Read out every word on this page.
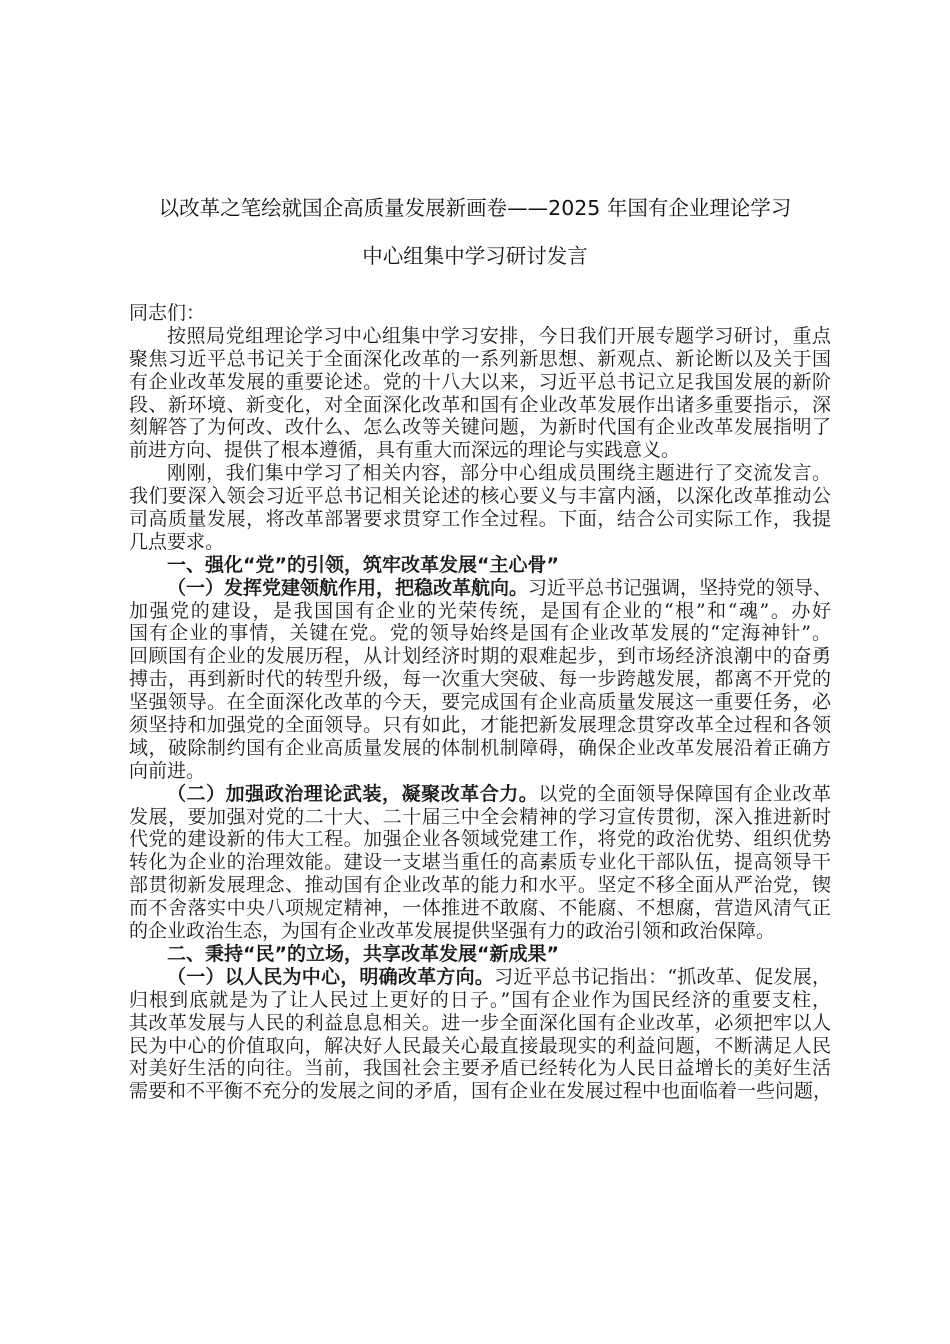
以改革之笔绘就国企高质量发展新画卷——2025 年国有企业理论学习
中心组集中学习研讨发言
同志们：
按照局党组理论学习中心组集中学习安排，今日我们开展专题学习研讨，重点
聚焦习近平总书记关于全面深化改革的一系列新思想、新观点、新论断以及关于国
有企业改革发展的重要论述。党的十八大以来，习近平总书记立足我国发展的新阶
段、新环境、新变化，对全面深化改革和国有企业改革发展作出诸多重要指示，深
刻解答了为何改、改什么、怎么改等关键问题，为新时代国有企业改革发展指明了
前进方向、提供了根本遵循，具有重大而深远的理论与实践意义。
刚刚，我们集中学习了相关内容，部分中心组成员围绕主题进行了交流发言。
我们要深入领会习近平总书记相关论述的核心要义与丰富内涵，以深化改革推动公
司高质量发展，将改革部署要求贯穿工作全过程。下面，结合公司实际工作，我提
几点要求。
一、强化“党”的引领，筑牢改革发展“主心骨”
（一）发挥党建领航作用，把稳改革航向。习近平总书记强调，坚持党的领导、
加强党的建设，是我国国有企业的光荣传统，是国有企业的“根”和“魂”。办好
国有企业的事情，关键在党。党的领导始终是国有企业改革发展的“定海神针”。
回顾国有企业的发展历程，从计划经济时期的艰难起步，到市场经济浪潮中的奋勇
搏击，再到新时代的转型升级，每一次重大突破、每一步跨越发展，都离不开党的
坚强领导。在全面深化改革的今天，要完成国有企业高质量发展这一重要任务，必
须坚持和加强党的全面领导。只有如此，才能把新发展理念贯穿改革全过程和各领
域，破除制约国有企业高质量发展的体制机制障碍，确保企业改革发展沿着正确方
向前进。
（二）加强政治理论武装，凝聚改革合力。以党的全面领导保障国有企业改革
发展，要加强对党的二十大、二十届三中全会精神的学习宣传贯彻，深入推进新时
代党的建设新的伟大工程。加强企业各领域党建工作，将党的政治优势、组织优势
转化为企业的治理效能。建设一支堪当重任的高素质专业化干部队伍，提高领导干
部贯彻新发展理念、推动国有企业改革的能力和水平。坚定不移全面从严治党，锲
而不舍落实中央八项规定精神，一体推进不敢腐、不能腐、不想腐，营造风清气正
的企业政治生态，为国有企业改革发展提供坚强有力的政治引领和政治保障。
二、秉持“民”的立场，共享改革发展“新成果”
（一）以人民为中心，明确改革方向。习近平总书记指出：“抓改革、促发展，
归根到底就是为了让人民过上更好的日子。”国有企业作为国民经济的重要支柱，
其改革发展与人民的利益息息相关。进一步全面深化国有企业改革，必须把牢以人
民为中心的价值取向，解决好人民最关心最直接最现实的利益问题，不断满足人民
对美好生活的向往。当前，我国社会主要矛盾已经转化为人民日益增长的美好生活
需要和不平衡不充分的发展之间的矛盾，国有企业在发展过程中也面临着一些问题，
